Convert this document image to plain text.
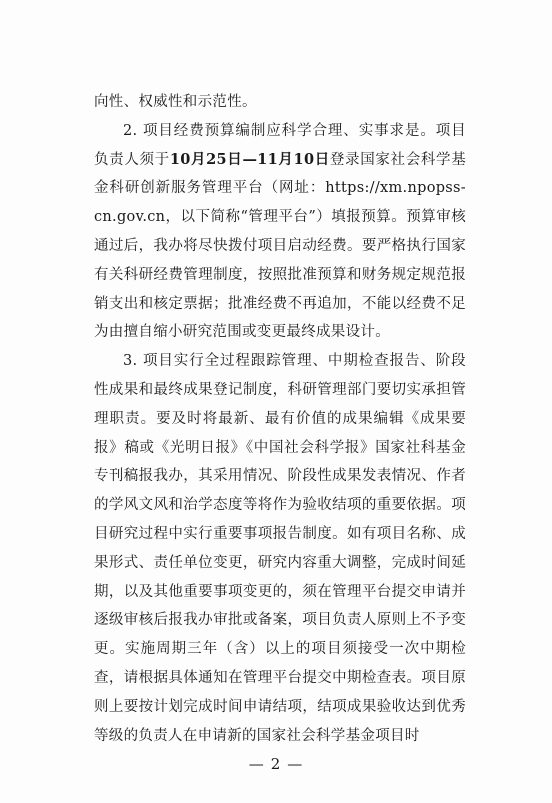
向性、权威性和示范性。

2. 项目经费预算编制应科学合理、实事求是。项目负责人须于10月25日—11月10日登录国家社会科学基金科研创新服务管理平台（网址：https://xm.npopss-cn.gov.cn，以下简称“管理平台”）填报预算。预算审核通过后，我办将尽快拨付项目启动经费。要严格执行国家有关科研经费管理制度，按照批准预算和财务规定规范报销支出和核定票据；批准经费不再追加，不能以经费不足为由擅自缩小研究范围或变更最终成果设计。

3. 项目实行全过程跟踪管理、中期检查报告、阶段性成果和最终成果登记制度，科研管理部门要切实承担管理职责。要及时将最新、最有价值的成果编辑《成果要报》稿或《光明日报》《中国社会科学报》国家社科基金专刊稿报我办，其采用情况、阶段性成果发表情况、作者的学风文风和治学态度等将作为验收结项的重要依据。项目研究过程中实行重要事项报告制度。如有项目名称、成果形式、责任单位变更，研究内容重大调整，完成时间延期，以及其他重要事项变更的，须在管理平台提交申请并逐级审核后报我办审批或备案，项目负责人原则上不予变更。实施周期三年（含）以上的项目须接受一次中期检查，请根据具体通知在管理平台提交中期检查表。项目原则上要按计划完成时间申请结项，结项成果验收达到优秀等级的负责人在申请新的国家社会科学基金项目时

— 2 —
